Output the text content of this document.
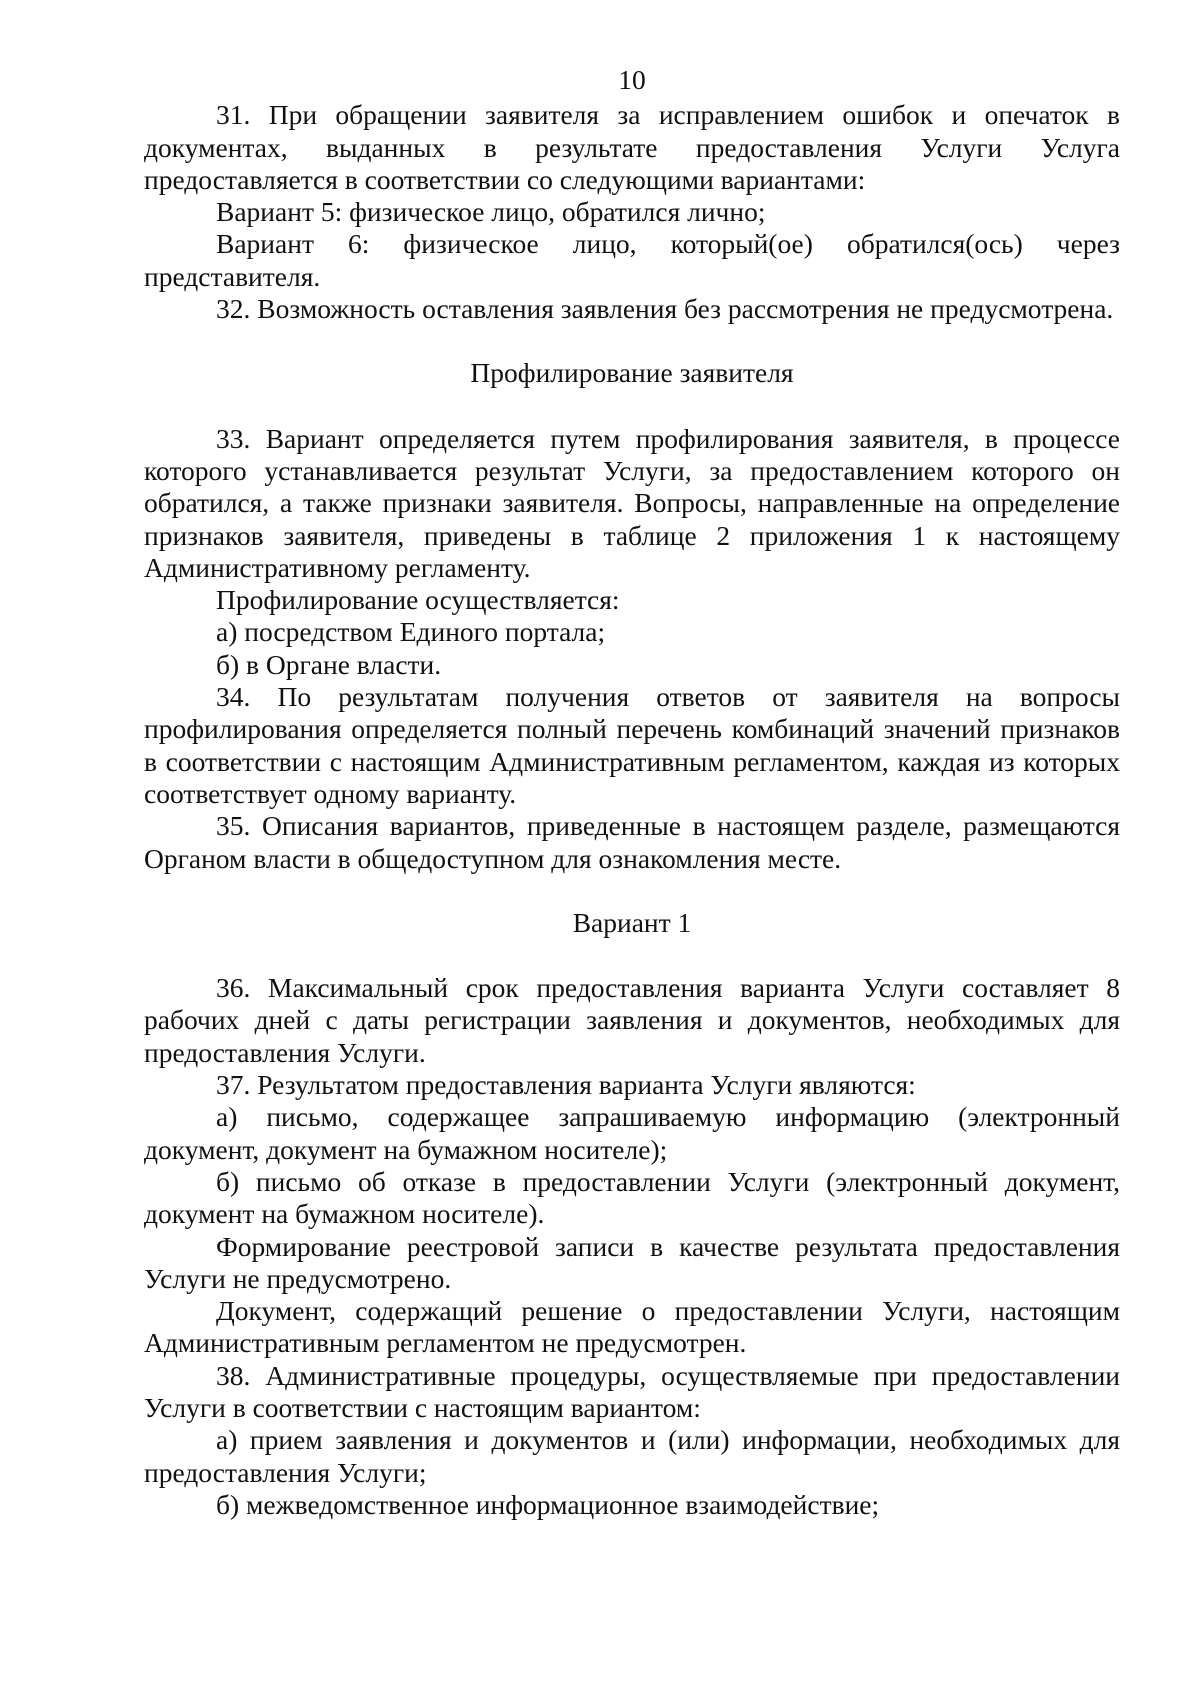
10

31. При обращении заявителя за исправлением ошибок и опечаток в документах, выданных в результате предоставления Услуги Услуга предоставляется в соответствии со следующими вариантами:

Вариант 5: физическое лицо, обратился лично;

Вариант 6: физическое лицо, который(ое) обратился(ось) через представителя.

32. Возможность оставления заявления без рассмотрения не предусмотрена.

Профилирование заявителя

33. Вариант определяется путем профилирования заявителя, в процессе которого устанавливается результат Услуги, за предоставлением которого он обратился, а также признаки заявителя. Вопросы, направленные на определение признаков заявителя, приведены в таблице 2 приложения 1 к настоящему Административному регламенту.

Профилирование осуществляется:

а) посредством Единого портала;

б) в Органе власти.

34. По результатам получения ответов от заявителя на вопросы профилирования определяется полный перечень комбинаций значений признаков в соответствии с настоящим Административным регламентом, каждая из которых соответствует одному варианту.

35. Описания вариантов, приведенные в настоящем разделе, размещаются Органом власти в общедоступном для ознакомления месте.

Вариант 1

36. Максимальный срок предоставления варианта Услуги составляет 8 рабочих дней с даты регистрации заявления и документов, необходимых для предоставления Услуги.

37. Результатом предоставления варианта Услуги являются:

а) письмо, содержащее запрашиваемую информацию (электронный документ, документ на бумажном носителе);

б) письмо об отказе в предоставлении Услуги (электронный документ, документ на бумажном носителе).

Формирование реестровой записи в качестве результата предоставления Услуги не предусмотрено.

Документ, содержащий решение о предоставлении Услуги, настоящим Административным регламентом не предусмотрен.

38. Административные процедуры, осуществляемые при предоставлении Услуги в соответствии с настоящим вариантом:

а) прием заявления и документов и (или) информации, необходимых для предоставления Услуги;

б) межведомственное информационное взаимодействие;
